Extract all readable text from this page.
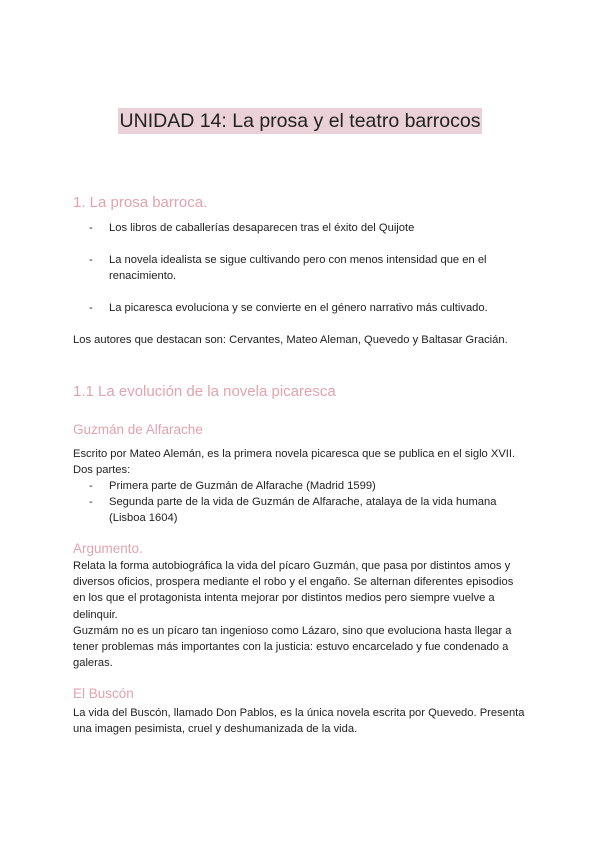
UNIDAD 14: La prosa y el teatro barrocos
1. La prosa barroca.
- Los libros de caballerías desaparecen tras el éxito del Quijote
- La novela idealista se sigue cultivando pero con menos intensidad que en el renacimiento.
- La picaresca evoluciona y se convierte en el género narrativo más cultivado.
Los autores que destacan son: Cervantes, Mateo Aleman, Quevedo y Baltasar Gracián.
1.1 La evolución de la novela picaresca
Guzmán de Alfarache
Escrito por Mateo Alemán, es la primera novela picaresca que se publica en el siglo XVII. Dos partes:
- Primera parte de Guzmán de Alfarache (Madrid 1599)
- Segunda parte de la vida de Guzmán de Alfarache, atalaya de la vida humana (Lisboa 1604)
Argumento.
Relata la forma autobiográfica la vida del pícaro Guzmán, que pasa por distintos amos y diversos oficios, prospera mediante el robo y el engaño. Se alternan diferentes episodios en los que el protagonista intenta mejorar por distintos medios pero siempre vuelve a delinquir.
Guzmám no es un pícaro tan ingenioso como Lázaro, sino que evoluciona hasta llegar a tener problemas más importantes con la justicia: estuvo encarcelado y fue condenado a galeras.
El Buscón
La vida del Buscón, llamado Don Pablos, es la única novela escrita por Quevedo. Presenta una imagen pesimista, cruel y deshumanizada de la vida.
